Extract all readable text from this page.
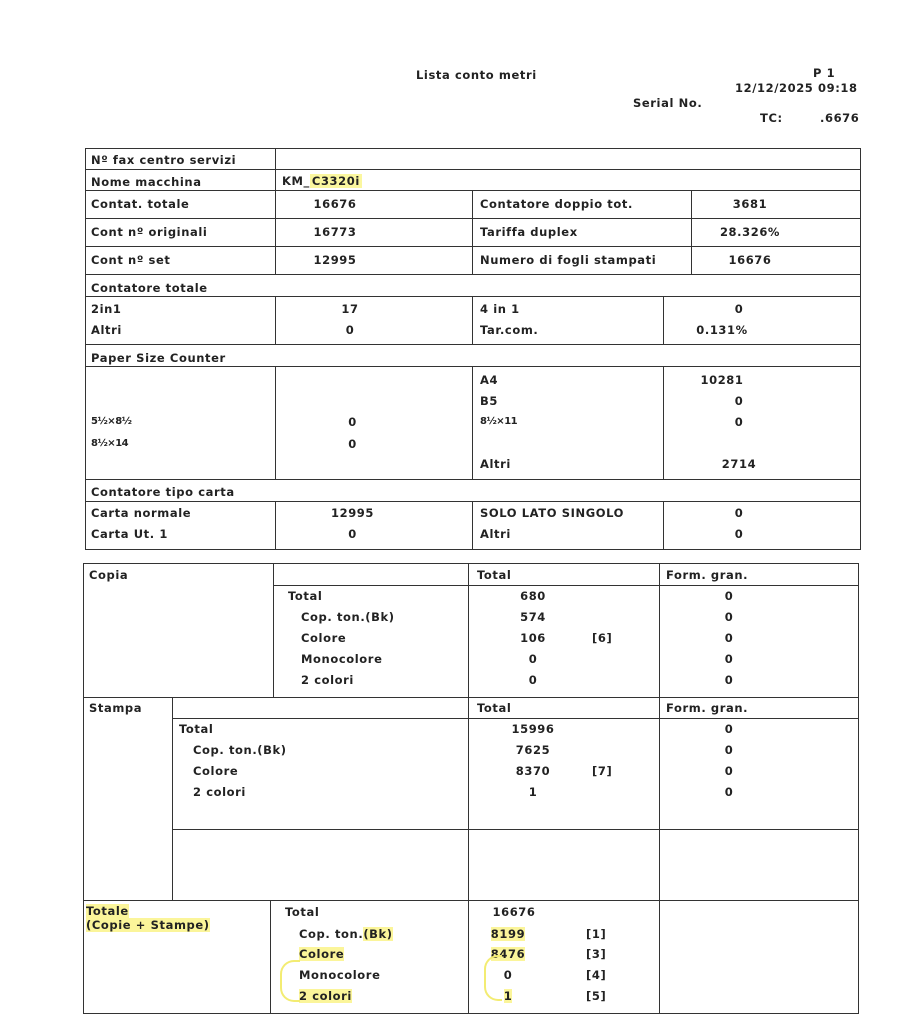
Lista conto metri	P 1
12/12/2025 09:18
Serial No.
TC:	.6676
Nº fax centro servizi
Nome macchina	KM_ C3320i
Contat. totale	16676	Contatore doppio tot.	3681
Cont nº originali	16773	Tariffa duplex	28.326%
Cont nº set	12995	Numero di fogli stampati	16676
Contatore totale
2in1	17	4 in 1	0
Altri	0	Tar.com.	0.131%
Paper Size Counter
5½×8½	0
8½×14	0
A4	10281
B5	0
8½×11	0
Altri	2714
Contatore tipo carta
Carta normale	12995	SOLO LATO SINGOLO	0
Carta Ut. 1	0	Altri	0
Copia	Total	Form. gran.
Total	680	0
Cop. ton.(Bk)	574	0
Colore	106	[6]	0
Monocolore	0	0
2 colori	0	0
Stampa	Total	Form. gran.
Total	15996	0
Cop. ton.(Bk)	7625	0
Colore	8370	[7]	0
2 colori	1	0
Totale
(Copie + Stampe)
Total	16676
Cop. ton.(Bk)	8199	[1]
Colore	8476	[3]
Monocolore	0	[4]
2 colori	1	[5]
